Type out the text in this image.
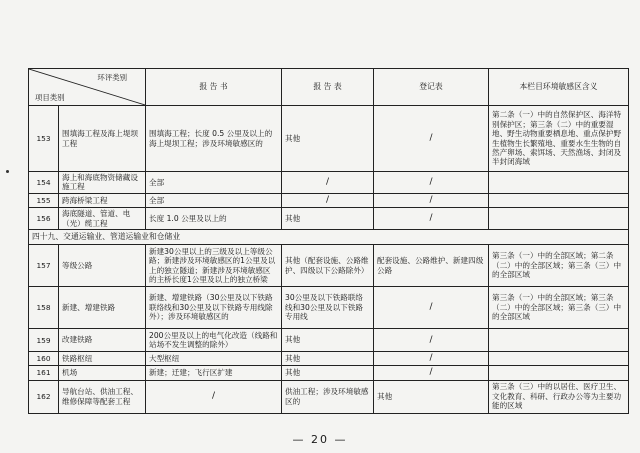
环评类别
项目类别		报 告 书	报 告 表	登记表	本栏目环境敏感区含义
153	围填海工程及海上堤坝工程	围填海工程；长度 0.5 公里及以上的海上堤坝工程；涉及环境敏感区的	其他	/	第二条（一）中的自然保护区、海洋特别保护区；第三条（二）中的重要湿地、野生动物重要栖息地、重点保护野生植物生长繁殖地、重要水生生物的自然产卵场、索饵场、天然渔场、封闭及半封闭海域
154	海上和海底物资储藏设施工程	全部	/	/	
155	跨海桥梁工程	全部	/	/	
156	海底隧道、管道、电（光）缆工程	长度 1.0 公里及以上的	其他	/	
四十九、交通运输业、管道运输业和仓储业					
157	等级公路	新建30公里以上的三级及以上等级公路；新建涉及环境敏感区的1公里及以上的独立隧道；新建涉及环境敏感区的主桥长度1公里及以上的独立桥梁	其他（配套设施、公路维护、四级以下公路除外）	配套设施、公路维护、新建四级公路	第三条（一）中的全部区域；第二条（二）中的全部区域；第三条（三）中的全部区域
158	新建、增建铁路	新建、增建铁路（30公里及以下铁路联络线和30公里及以下铁路专用线除外）；涉及环境敏感区的	30公里及以下铁路联络线和30公里及以下铁路专用线	/	第三条（一）中的全部区域；第三条（二）中的全部区域；第三条（三）中的全部区域
159	改建铁路	200公里及以上的电气化改造（线路和站场不发生调整的除外）	其他	/	
160	铁路枢纽	大型枢纽	其他	/	
161	机场	新建；迁建；飞行区扩建	其他	/	
162	导航台站、供油工程、维修保障等配套工程	/	供油工程；涉及环境敏感区的	其他	第三条（三）中的以居住、医疗卫生、文化教育、科研、行政办公等为主要功能的区域
— 20 —
